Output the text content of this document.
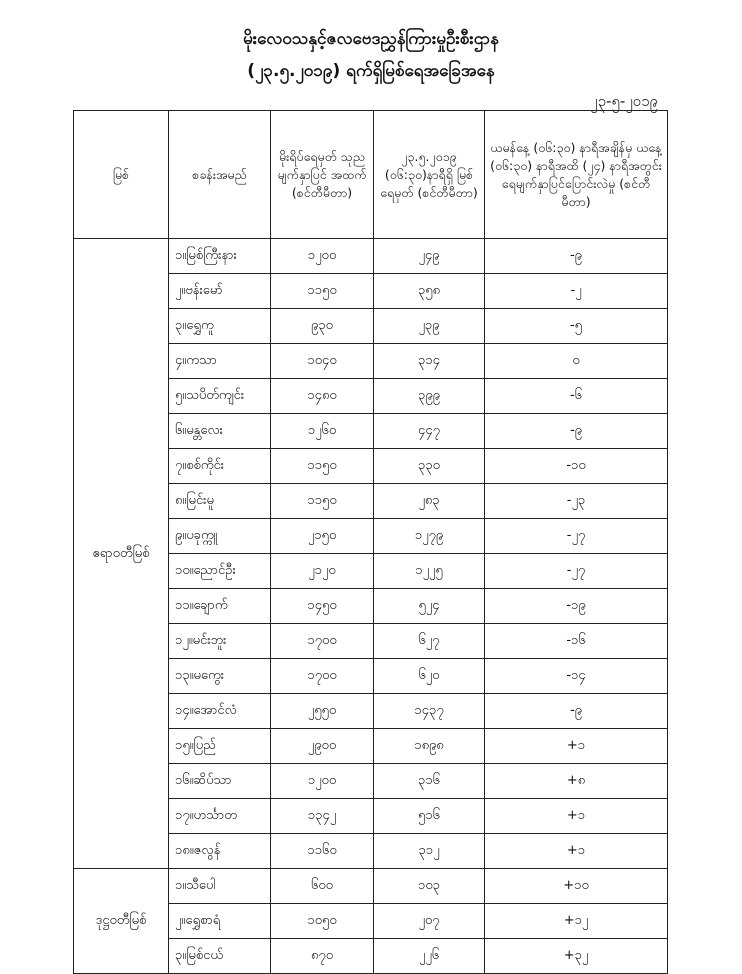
မိုးလေဝသနှင့်ဇလဗေဒညွှန်ကြားမှုဦးစီးဌာန
(၂၃.၅.၂၀၁၉) ရက်ရှိမြစ်ရေအခြေအနေ
၂၃-၅-၂၀၁၉
မြစ်	စခန်းအမည်	မိုးရိပ်ရေမှတ် သုညမျက်နှာပြင် အထက် (စင်တီမီတာ)	၂၃.၅.၂၀၁၉ (၀၆:၃၀)နာရီရှိ မြစ်ရေမှတ် (စင်တီမီတာ)	ယမန်နေ့ (၀၆:၃၀) နာရီအချိန်မှ ယနေ့ (၀၆:၃၀) နာရီအထိ (၂၄) နာရီအတွင်း ရေမျက်နှာပြင်ပြောင်းလဲမှု (စင်တီမီတာ)
ဧရာဝတီမြစ်	၁။မြစ်ကြီးနား	၁၂၀၀	၂၄၉	-၉
	၂။ဗန်းမော်	၁၁၅၀	၃၅၈	-၂
	၃။ရွှေကူ	၉၃၀	၂၃၉	-၅
	၄။ကသာ	၁၀၄၀	၃၁၄	၀
	၅။သပိတ်ကျင်း	၁၄၈၀	၃၉၉	-၆
	၆။မန္တလေး	၁၂၆၀	၄၄၇	-၉
	၇။စစ်ကိုင်း	၁၁၅၀	၃၃၀	-၁၀
	၈။မြင်းမူ	၁၁၅၀	၂၈၃	-၂၃
	၉။ပခုက္ကူ	၂၁၅၀	၁၂၇၉	-၂၇
	၁၀။ညောင်ဦး	၂၁၂၀	၁၂၂၅	-၂၇
	၁၁။ချောက်	၁၄၅၀	၅၂၄	-၁၉
	၁၂။မင်းဘူး	၁၇၀၀	၆၂၇	-၁၆
	၁၃။မကွေး	၁၇၀၀	၆၂၀	-၁၄
	၁၄။အောင်လံ	၂၅၅၀	၁၄၃၇	-၉
	၁၅။ပြည်	၂၉၀၀	၁၈၉၈	+၁
	၁၆။ဆိပ်သာ	၁၂၀၀	၃၁၆	+၈
	၁၇။ဟင်္သာတ	၁၃၄၂	၅၁၆	+၁
	၁၈။ဇလွန်	၁၁၆၀	၃၁၂	+၁
ဒုဋ္ဌဝတီမြစ်	၁။သီပေါ	၆၀၀	၁၀၃	+၁၀
	၂။ရွှေစာရံ	၁၀၅၀	၂၀၇	+၁၂
	၃။မြစ်ငယ်	၈၇၀	၂၂၆	+၃၂
